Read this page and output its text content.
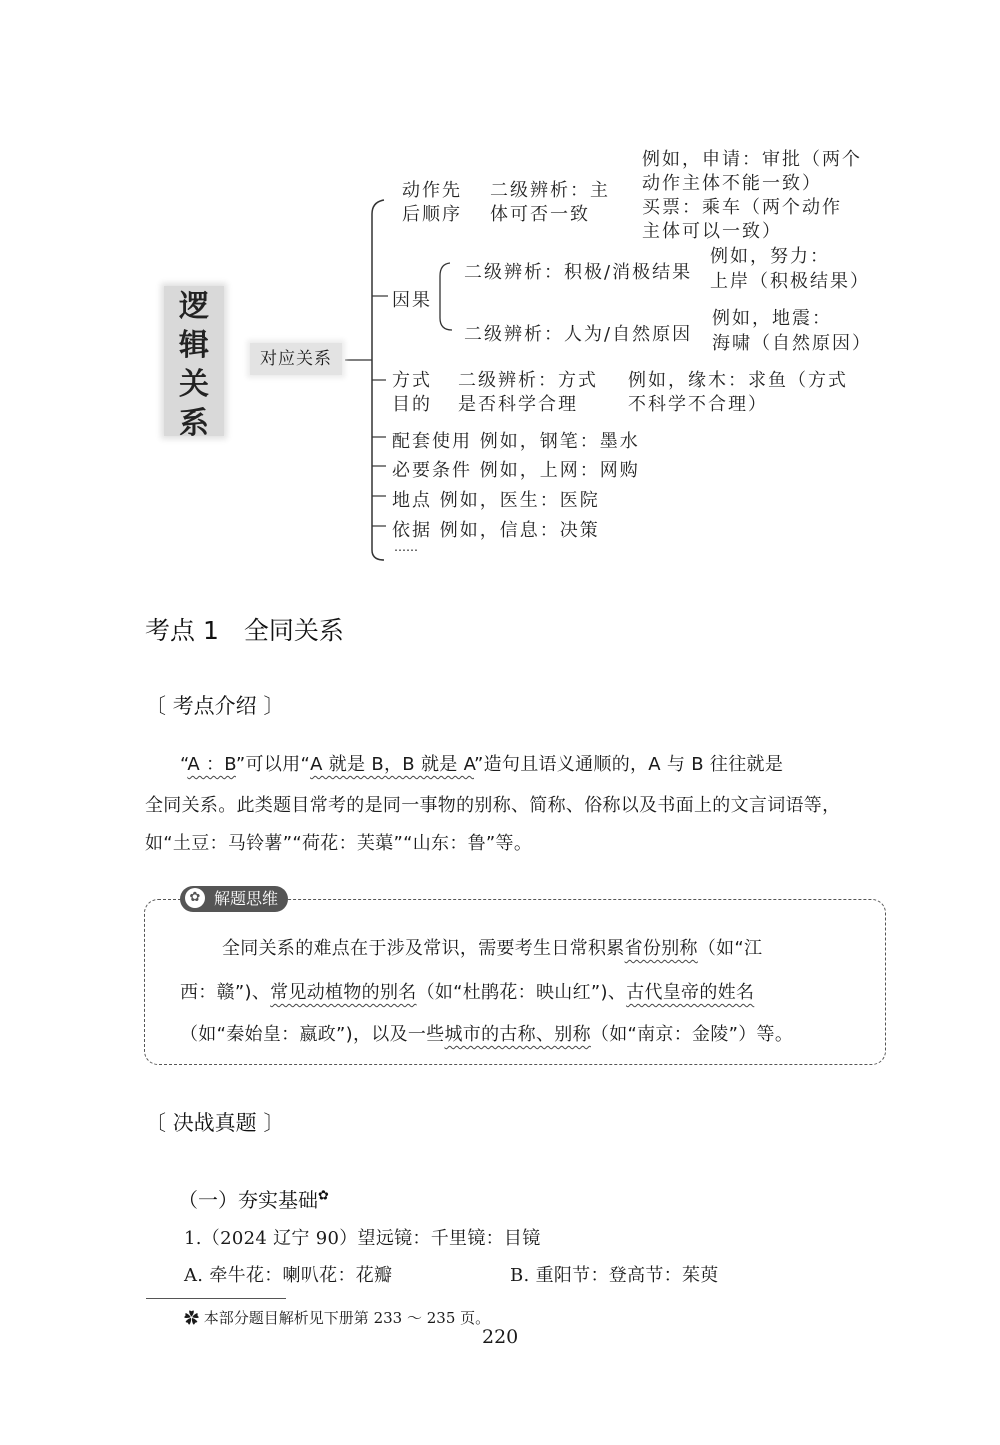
逻
辑
关
系
对应关系
动作先
后顺序
二级辨析：主
体可否一致
例如，申请：审批（两个
动作主体不能一致）
买票：乘车（两个动作
主体可以一致）
因果
二级辨析：积极/消极结果
例如，努力：
上岸（积极结果）
二级辨析：人为/自然原因
例如，地震：
海啸（自然原因）
方式
目的
二级辨析：方式
是否科学合理
例如，缘木：求鱼（方式
不科学不合理）
配套使用 例如，钢笔：墨水
必要条件 例如，上网：网购
地点 例如，医生：医院
依据 例如，信息：决策
……
考点 1　全同关系
〔 考点介绍 〕
“A ：B”可以用“A 就是 B，B 就是 A”造句且语义通顺的，A 与 B 往往就是
全同关系。此类题目常考的是同一事物的别称、简称、俗称以及书面上的文言词语等，
如“土豆：马铃薯”“荷花：芙蕖”“山东：鲁”等。
✿ 解题思维
全同关系的难点在于涉及常识，需要考生日常积累省份别称（如“江
西：赣”)、常见动植物的别名（如“杜鹃花：映山红”)、古代皇帝的姓名
（如“秦始皇：嬴政”)，以及一些城市的古称、别称（如“南京：金陵”）等。
〔 决战真题 〕
（一）夯实基础✿
1.（2024 辽宁 90）望远镜：千里镜：目镜
A. 牵牛花：喇叭花：花瓣	B. 重阳节：登高节：茱萸
✿ 本部分题目解析见下册第 233 ～ 235 页。
220
